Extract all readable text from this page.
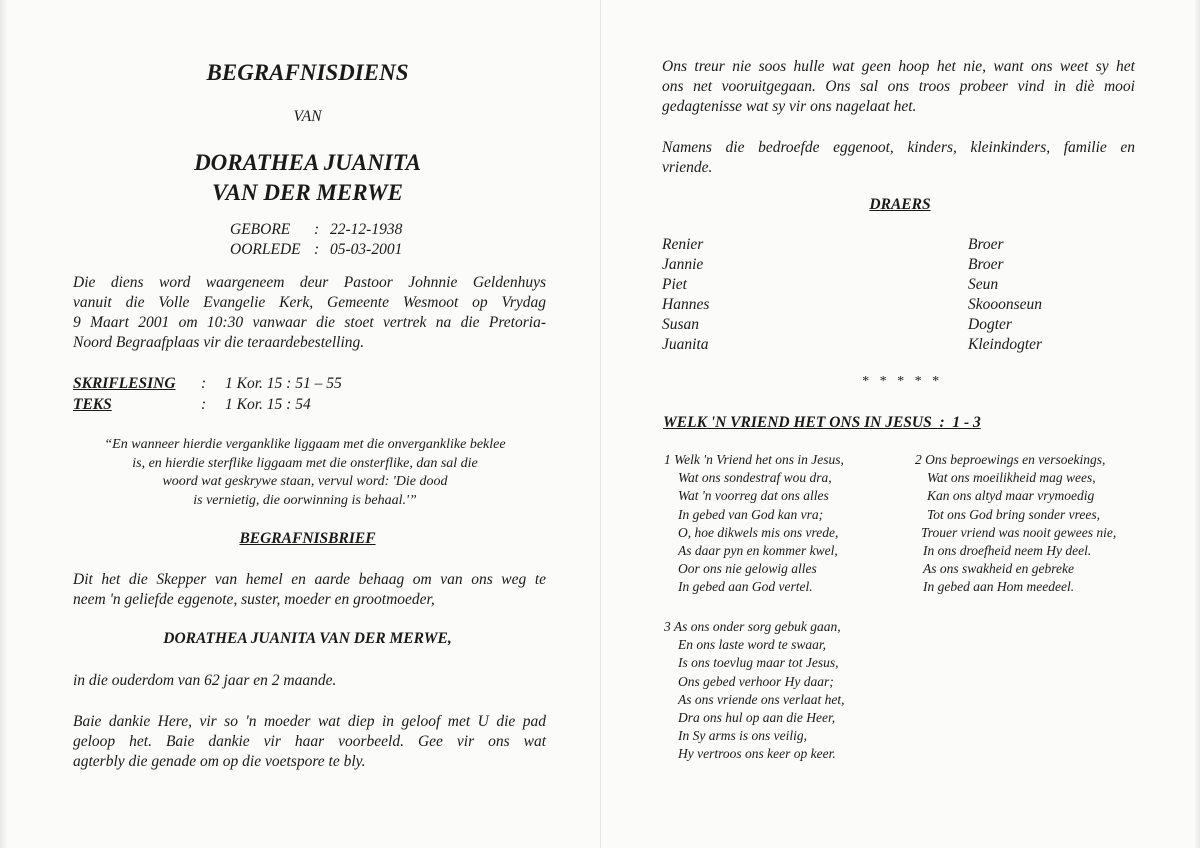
BEGRAFNISDIENS
VAN
DORATHEA JUANITA
VAN DER MERWE
GEBORE : 22-12-1938
OORLEDE : 05-03-2001
Die diens word waargeneem deur Pastoor Johnnie Geldenhuys
vanuit die Volle Evangelie Kerk, Gemeente Wesmoot op Vrydag
9 Maart 2001 om 10:30 vanwaar die stoet vertrek na die Pretoria-
Noord Begraafplaas vir die teraardebestelling.
SKRIFLESING : 1 Kor. 15 : 51 – 55
TEKS	: 1 Kor. 15 : 54
“En wanneer hierdie verganklike liggaam met die onverganklike beklee
is, en hierdie sterflike liggaam met die onsterflike, dan sal die
woord wat geskrywe staan, vervul word: 'Die dood
is vernietig, die oorwinning is behaal.'”
BEGRAFNISBRIEF
Dit het die Skepper van hemel en aarde behaag om van ons weg te
neem 'n geliefde eggenote, suster, moeder en grootmoeder,
DORATHEA JUANITA VAN DER MERWE,
in die ouderdom van 62 jaar en 2 maande.
Baie dankie Here, vir so 'n moeder wat diep in geloof met U die pad
geloop het. Baie dankie vir haar voorbeeld. Gee vir ons wat
agterbly die genade om op die voetspore te bly.
Ons treur nie soos hulle wat geen hoop het nie, want ons weet sy het
ons net vooruitgegaan. Ons sal ons troos probeer vind in diè mooi
gedagtenisse wat sy vir ons nagelaat het.
Namens die bedroefde eggenoot, kinders, kleinkinders, familie en
vriende.
DRAERS
Renier	Broer
Jannie	Broer
Piet	Seun
Hannes	Skooonseun
Susan	Dogter
Juanita	Kleindogter
*   *   *   *   *
WELK 'N VRIEND HET ONS IN JESUS  :  1 - 3
1 Welk 'n Vriend het ons in Jesus,
Wat ons sondestraf wou dra,
Wat 'n voorreg dat ons alles
In gebed van God kan vra;
O, hoe dikwels mis ons vrede,
As daar pyn en kommer kwel,
Oor ons nie gelowig alles
In gebed aan God vertel.
2 Ons beproewings en versoekings,
Wat ons moeilikheid mag wees,
Kan ons altyd maar vrymoedig
Tot ons God bring sonder vrees,
Trouer vriend was nooit gewees nie,
In ons droefheid neem Hy deel.
As ons swakheid en gebreke
In gebed aan Hom meedeel.
3 As ons onder sorg gebuk gaan,
En ons laste word te swaar,
Is ons toevlug maar tot Jesus,
Ons gebed verhoor Hy daar;
As ons vriende ons verlaat het,
Dra ons hul op aan die Heer,
In Sy arms is ons veilig,
Hy vertroos ons keer op keer.
